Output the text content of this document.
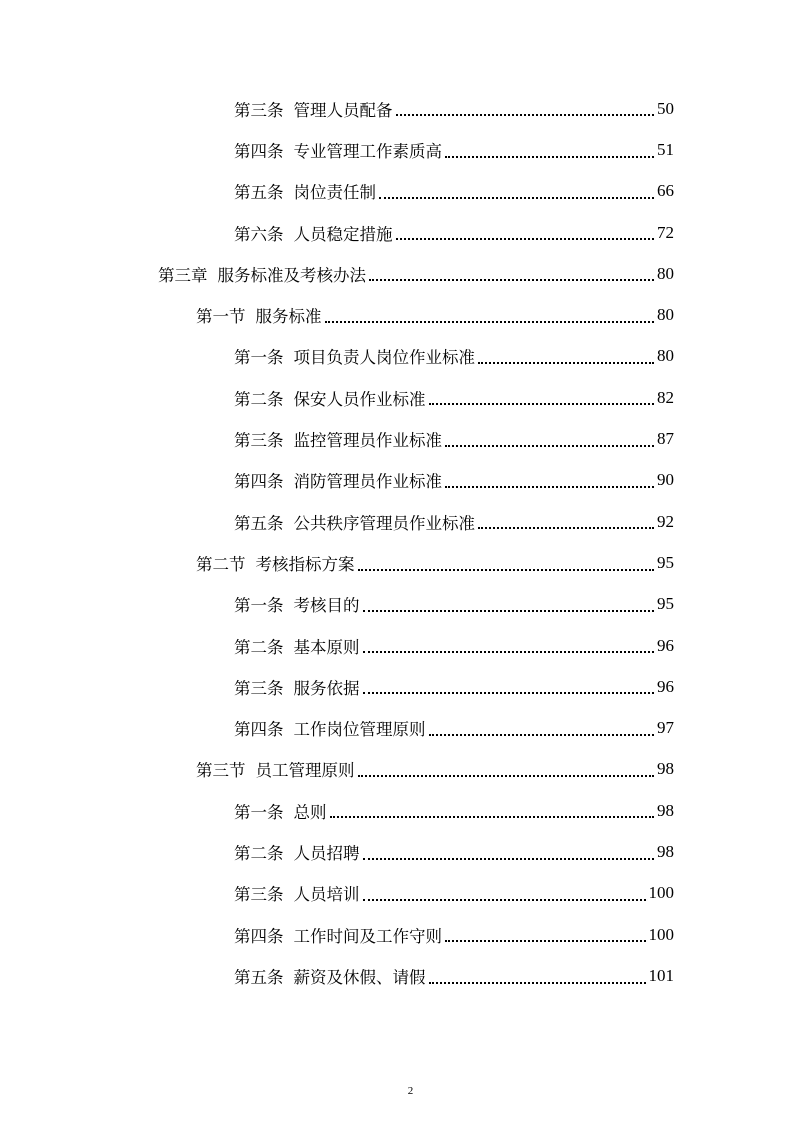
第三条 管理人员配备	50
第四条 专业管理工作素质高	51
第五条 岗位责任制	66
第六条 人员稳定措施	72
第三章 服务标准及考核办法	80
第一节 服务标准	80
第一条 项目负责人岗位作业标准	80
第二条 保安人员作业标准	82
第三条 监控管理员作业标准	87
第四条 消防管理员作业标准	90
第五条 公共秩序管理员作业标准	92
第二节 考核指标方案	95
第一条 考核目的	95
第二条 基本原则	96
第三条 服务依据	96
第四条 工作岗位管理原则	97
第三节 员工管理原则	98
第一条 总则	98
第二条 人员招聘	98
第三条 人员培训	100
第四条 工作时间及工作守则	100
第五条 薪资及休假、请假	101
2
